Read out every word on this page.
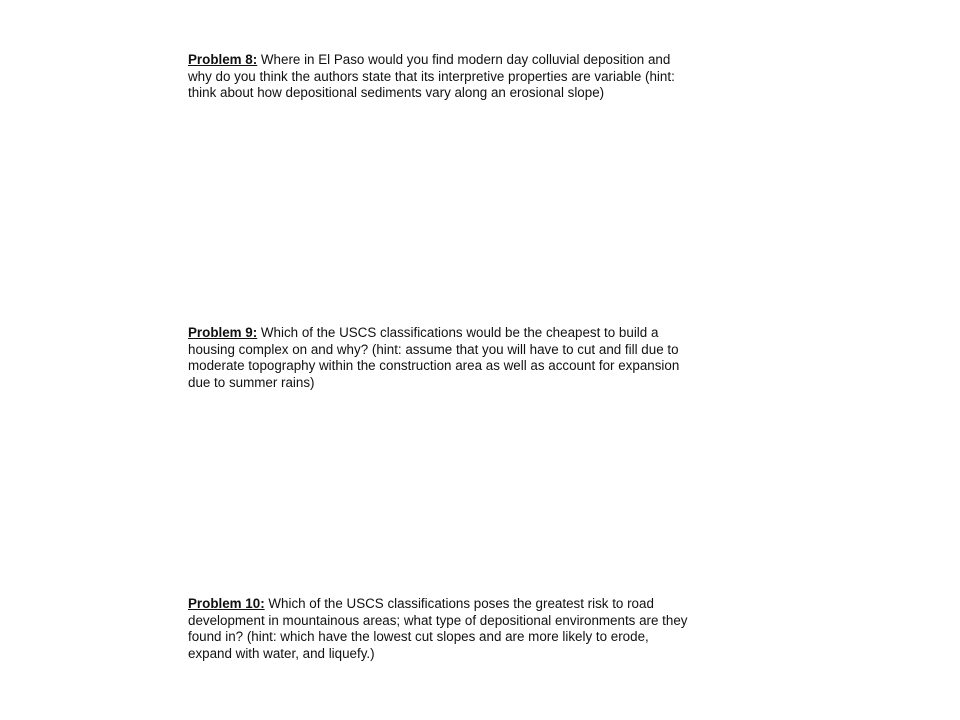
Problem 8: Where in El Paso would you find modern day colluvial deposition and
why do you think the authors state that its interpretive properties are variable (hint:
think about how depositional sediments vary along an erosional slope)
Problem 9: Which of the USCS classifications would be the cheapest to build a
housing complex on and why? (hint: assume that you will have to cut and fill due to
moderate topography within the construction area as well as account for expansion
due to summer rains)
Problem 10: Which of the USCS classifications poses the greatest risk to road
development in mountainous areas; what type of depositional environments are they
found in? (hint: which have the lowest cut slopes and are more likely to erode,
expand with water, and liquefy.)
